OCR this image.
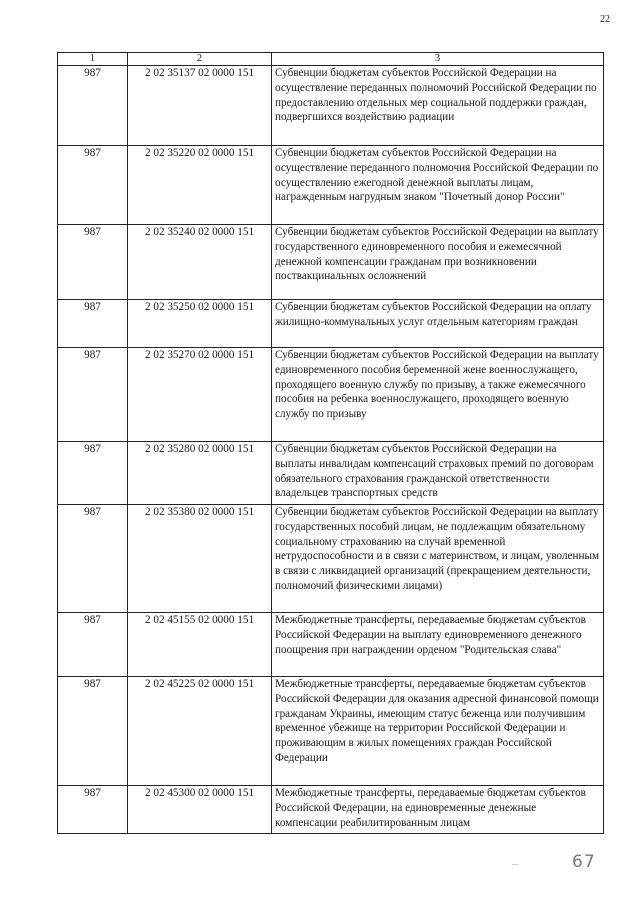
22
1	2	3
987	2 02 35137 02 0000 151	Субвенции бюджетам субъектов Российской Федерации на осуществление переданных полномочий Российской Федерации по предоставлению отдельных мер социальной поддержки граждан, подвергшихся воздействию радиации
987	2 02 35220 02 0000 151	Субвенции бюджетам субъектов Российской Федерации на осуществление переданного полномочия Российской Федерации по осуществлению ежегодной денежной выплаты лицам, награжденным нагрудным знаком "Почетный донор России"
987	2 02 35240 02 0000 151	Субвенции бюджетам субъектов Российской Федерации на выплату государственного единовременного пособия и ежемесячной денежной компенсации гражданам при возникновении поствакцинальных осложнений
987	2 02 35250 02 0000 151	Субвенции бюджетам субъектов Российской Федерации на оплату жилищно-коммунальных услуг отдельным категориям граждан
987	2 02 35270 02 0000 151	Субвенции бюджетам субъектов Российской Федерации на выплату единовременного пособия беременной жене военнослужащего, проходящего военную службу по призыву, а также ежемесячного пособия на ребенка военнослужащего, проходящего военную службу по призыву
987	2 02 35280 02 0000 151	Субвенции бюджетам субъектов Российской Федерации на выплаты инвалидам компенсаций страховых премий по договорам обязательного страхования гражданской ответственности владельцев транспортных средств
987	2 02 35380 02 0000 151	Субвенции бюджетам субъектов Российской Федерации на выплату государственных пособий лицам, не подлежащим обязательному социальному страхованию на случай временной нетрудоспособности и в связи с материнством, и лицам, уволенным в связи с ликвидацией организаций (прекращением деятельности, полномочий физическими лицами)
987	2 02 45155 02 0000 151	Межбюджетные трансферты, передаваемые бюджетам субъектов Российской Федерации на выплату единовременного денежного поощрения при награждении орденом "Родительская слава"
987	2 02 45225 02 0000 151	Межбюджетные трансферты, передаваемые бюджетам субъектов Российской Федерации для оказания адресной финансовой помощи гражданам Украины, имеющим статус беженца или получившим временное убежище на территории Российской Федерации и проживающим в жилых помещениях граждан Российской Федерации
987	2 02 45300 02 0000 151	Межбюджетные трансферты, передаваемые бюджетам субъектов Российской Федерации, на единовременные денежные компенсации реабилитированным лицам
...	67
